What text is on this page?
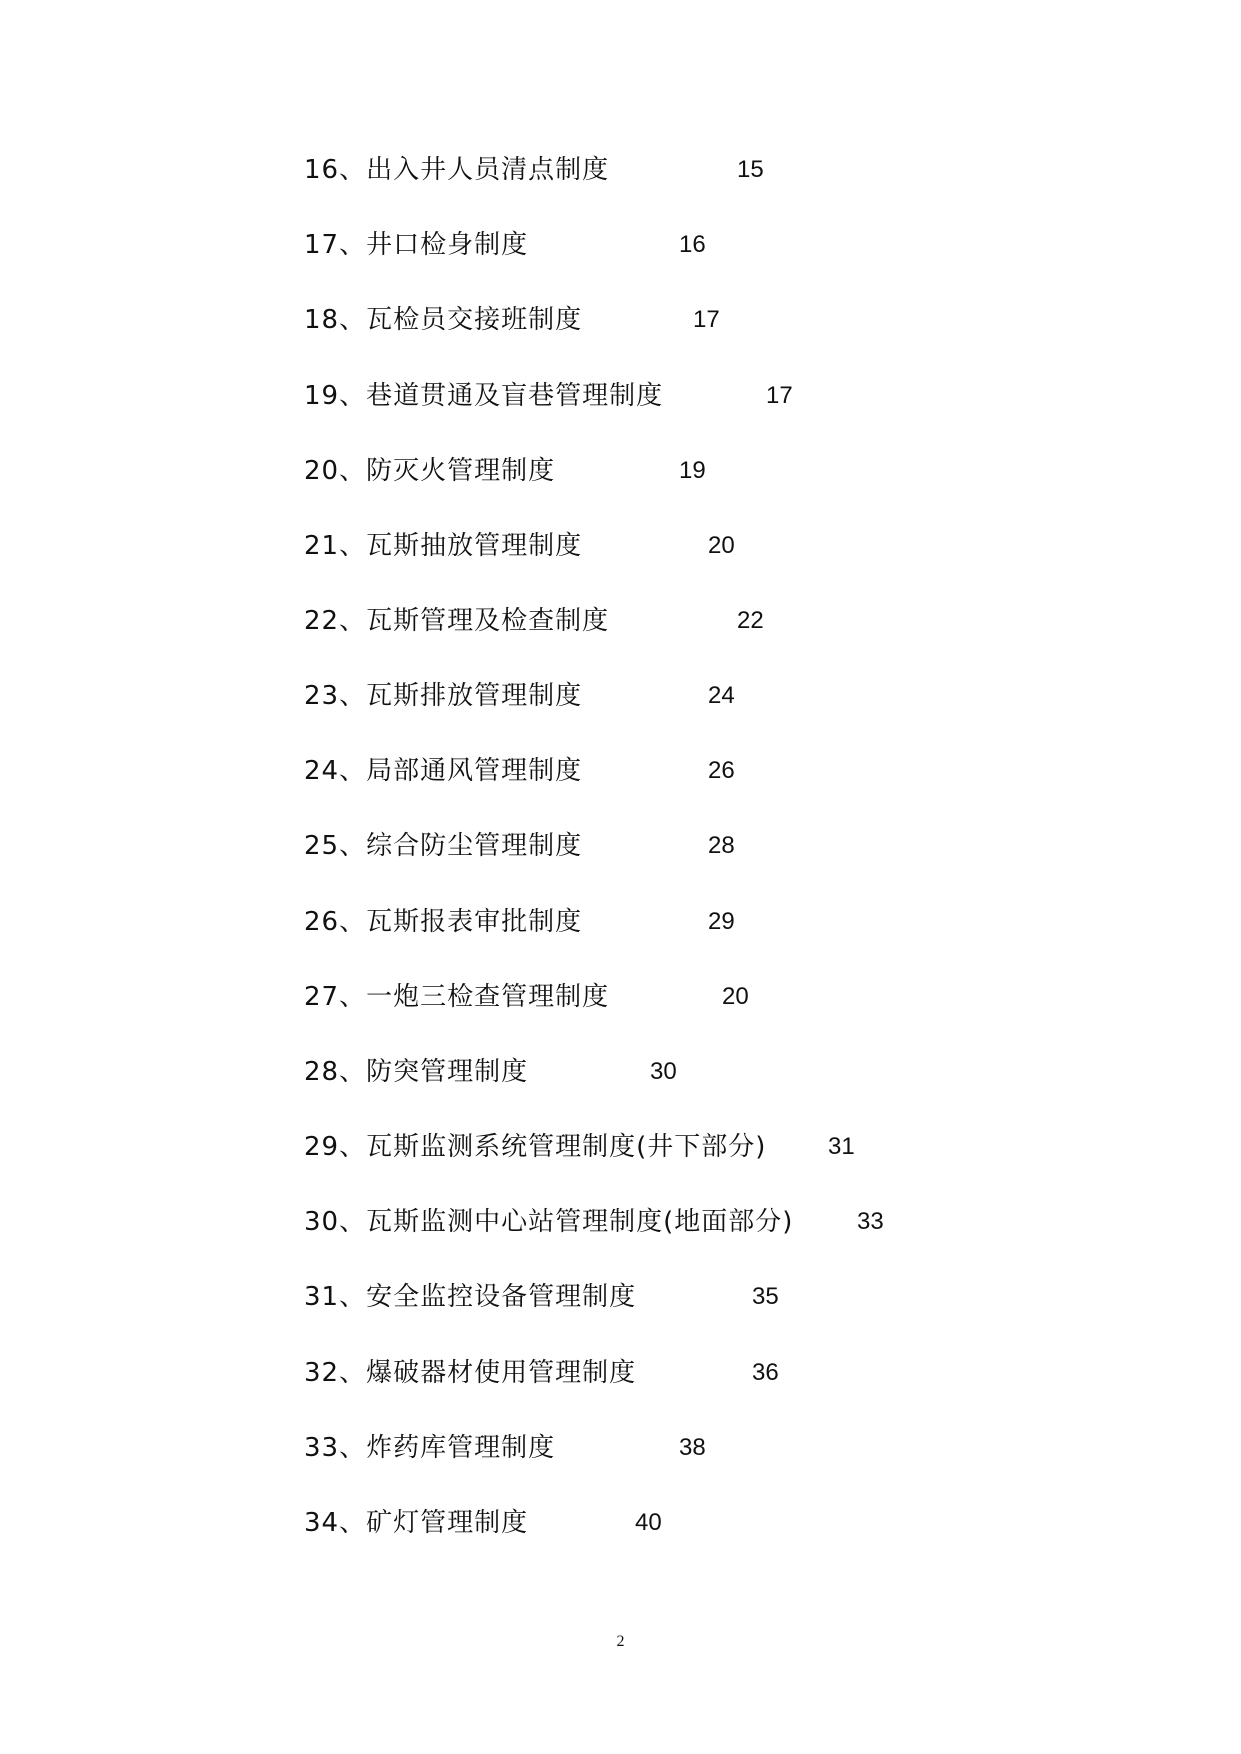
16、出入井人员清点制度	15
17、井口检身制度	16
18、瓦检员交接班制度	17
19、巷道贯通及盲巷管理制度	17
20、防灭火管理制度	19
21、瓦斯抽放管理制度	20
22、瓦斯管理及检查制度	22
23、瓦斯排放管理制度	24
24、局部通风管理制度	26
25、综合防尘管理制度	28
26、瓦斯报表审批制度	29
27、一炮三检查管理制度	20
28、防突管理制度	30
29、瓦斯监测系统管理制度(井下部分)	31
30、瓦斯监测中心站管理制度(地面部分)	33
31、安全监控设备管理制度	35
32、爆破器材使用管理制度	36
33、炸药库管理制度	38
34、矿灯管理制度	40
2
